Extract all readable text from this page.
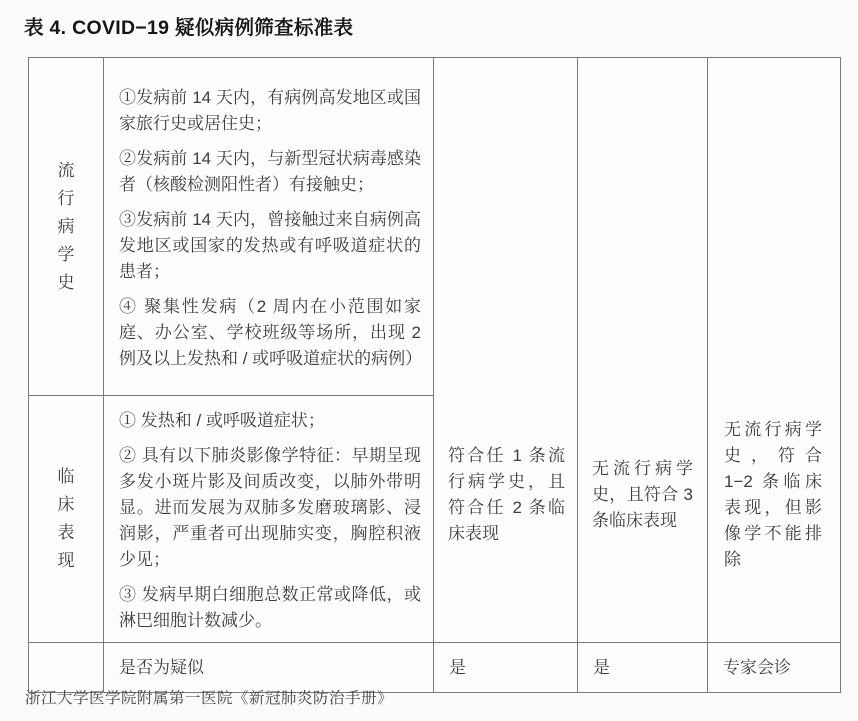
表 4. COVID−19 疑似病例筛查标准表
流行病学史	①发病前 14 天内，有病例高发地区或国家旅行史或居住史；

②发病前 14 天内，与新型冠状病毒感染者（核酸检测阳性者）有接触史；

③发病前 14 天内，曾接触过来自病例高发地区或国家的发热或有呼吸道症状的患者；

④ 聚集性发病（2 周内在小范围如家庭、办公室、学校班级等场所，出现 2 例及以上发热和 / 或呼吸道症状的病例）	符合任 1 条流行病学史，且符合任 2 条临床表现	无流行病学史，且符合 3 条临床表现	无流行病学史，符合 1−2 条临床表现，但影像学不能排除

临床表现	① 发热和 / 或呼吸道症状；

② 具有以下肺炎影像学特征：早期呈现多发小斑片影及间质改变，以肺外带明显。进而发展为双肺多发磨玻璃影、浸润影，严重者可出现肺实变，胸腔积液少见；

③ 发病早期白细胞总数正常或降低，或淋巴细胞计数减少。			

	是否为疑似	是	是	专家会诊
浙江大学医学院附属第一医院《新冠肺炎防治手册》
